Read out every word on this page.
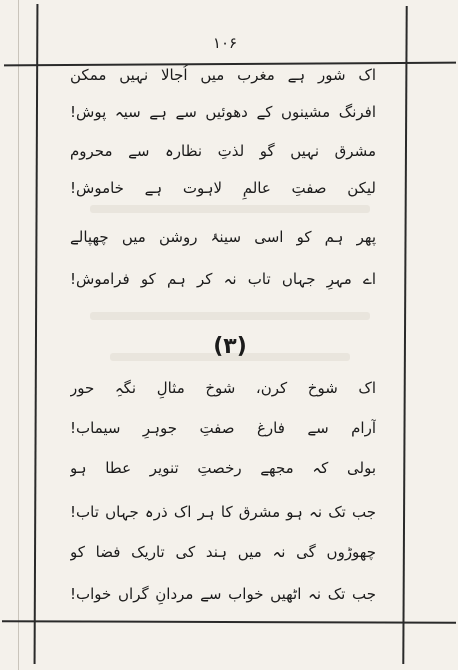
۱۰۶
اک شور ہے مغرب میں اُجالا نہیں ممکن
افرنگ مشینوں کے دھوئیں سے ہے سیہ پوش!
مشرق نہیں گو لذتِ نظارہ سے محروم
لیکن صفتِ عالمِ لاہوت ہے خاموش!
پھر ہم کو اسی سینۂ روشن میں چھپالے
اے مہرِ جہاں تاب نہ کر ہم کو فراموش!
(۳)
اک شوخ کرن، شوخ مثالِ نگہِ حور
آرام سے فارغ صفتِ جوہرِ سیماب!
بولی کہ مجھے رخصتِ تنویر عطا ہو
جب تک نہ ہو مشرق کا ہر اک ذرہ جہاں تاب!
چھوڑوں گی نہ میں ہند کی تاریک فضا کو
جب تک نہ اٹھیں خواب سے مردانِ گراں خواب!
